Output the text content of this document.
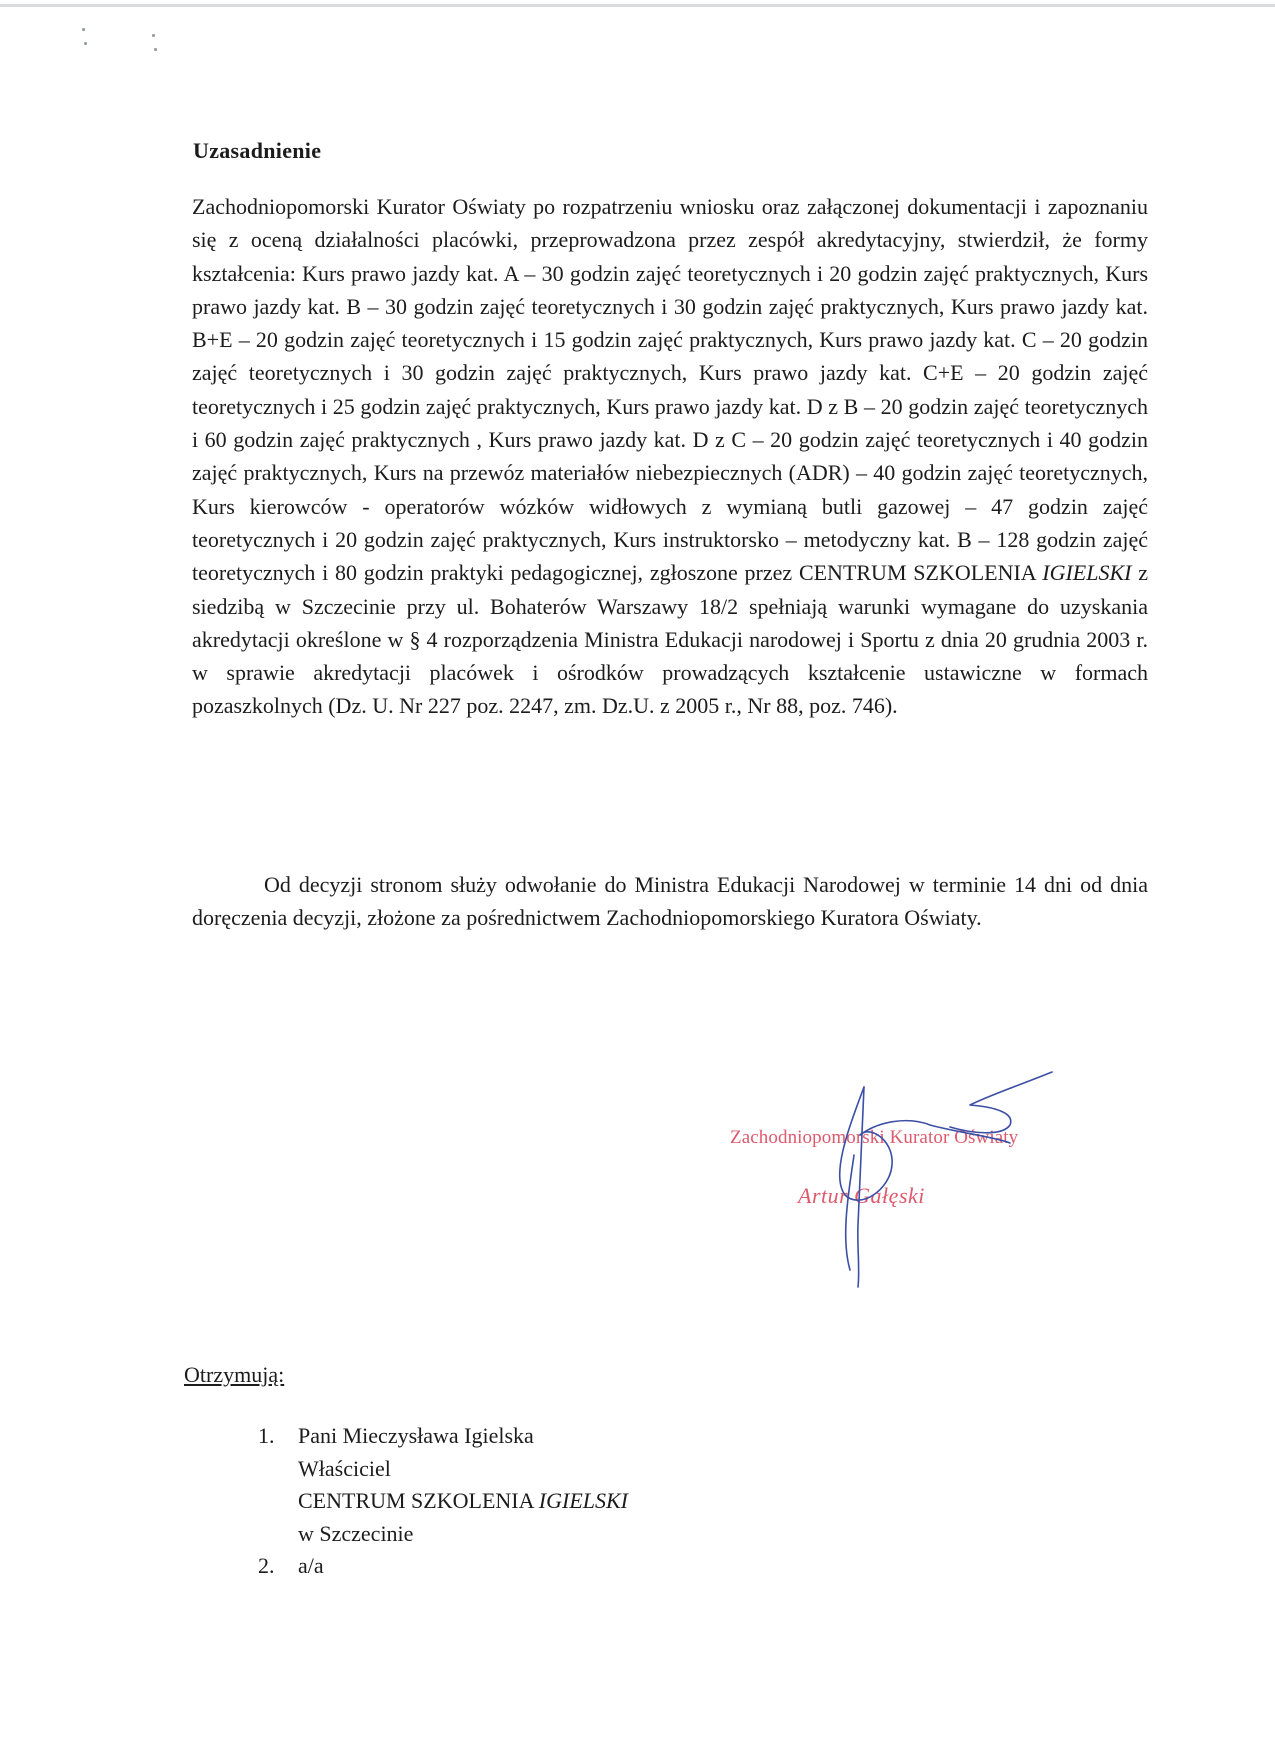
Uzasadnienie

Zachodniopomorski Kurator Oświaty po rozpatrzeniu wniosku oraz załączonej dokumentacji i zapoznaniu się z oceną działalności placówki, przeprowadzona przez zespół akredytacyjny, stwierdził, że formy kształcenia: Kurs prawo jazdy kat. A – 30 godzin zajęć teoretycznych i 20 godzin zajęć praktycznych, Kurs prawo jazdy kat. B – 30 godzin zajęć teoretycznych i 30 godzin zajęć praktycznych, Kurs prawo jazdy kat. B+E – 20 godzin zajęć teoretycznych i 15 godzin zajęć praktycznych, Kurs prawo jazdy kat. C – 20 godzin zajęć teoretycznych i 30 godzin zajęć praktycznych, Kurs prawo jazdy kat. C+E – 20 godzin zajęć teoretycznych i 25 godzin zajęć praktycznych, Kurs prawo jazdy kat. D z B – 20 godzin zajęć teoretycznych i 60 godzin zajęć praktycznych , Kurs prawo jazdy kat. D z C – 20 godzin zajęć teoretycznych i 40 godzin zajęć praktycznych, Kurs na przewóz materiałów niebezpiecznych (ADR) – 40 godzin zajęć teoretycznych, Kurs kierowców - operatorów wózków widłowych z wymianą butli gazowej – 47 godzin zajęć teoretycznych i 20 godzin zajęć praktycznych, Kurs instruktorsko – metodyczny kat. B – 128 godzin zajęć teoretycznych i 80 godzin praktyki pedagogicznej, zgłoszone przez CENTRUM SZKOLENIA IGIELSKI z siedzibą w Szczecinie przy ul. Bohaterów Warszawy 18/2 spełniają warunki wymagane do uzyskania akredytacji określone w § 4 rozporządzenia Ministra Edukacji narodowej i Sportu z dnia 20 grudnia 2003 r. w sprawie akredytacji placówek i ośrodków prowadzących kształcenie ustawiczne w formach pozaszkolnych (Dz. U. Nr 227 poz. 2247, zm. Dz.U. z 2005 r., Nr 88, poz. 746).

Od decyzji stronom służy odwołanie do Ministra Edukacji Narodowej w terminie 14 dni od dnia doręczenia decyzji, złożone za pośrednictwem Zachodniopomorskiego Kuratora Oświaty.

Zachodniopomorski Kurator Oświaty
Artur Gałęski
Otrzymują:
1. Pani Mieczysława Igielska
Właściciel
CENTRUM SZKOLENIA IGIELSKI
w Szczecinie
2. a/a
